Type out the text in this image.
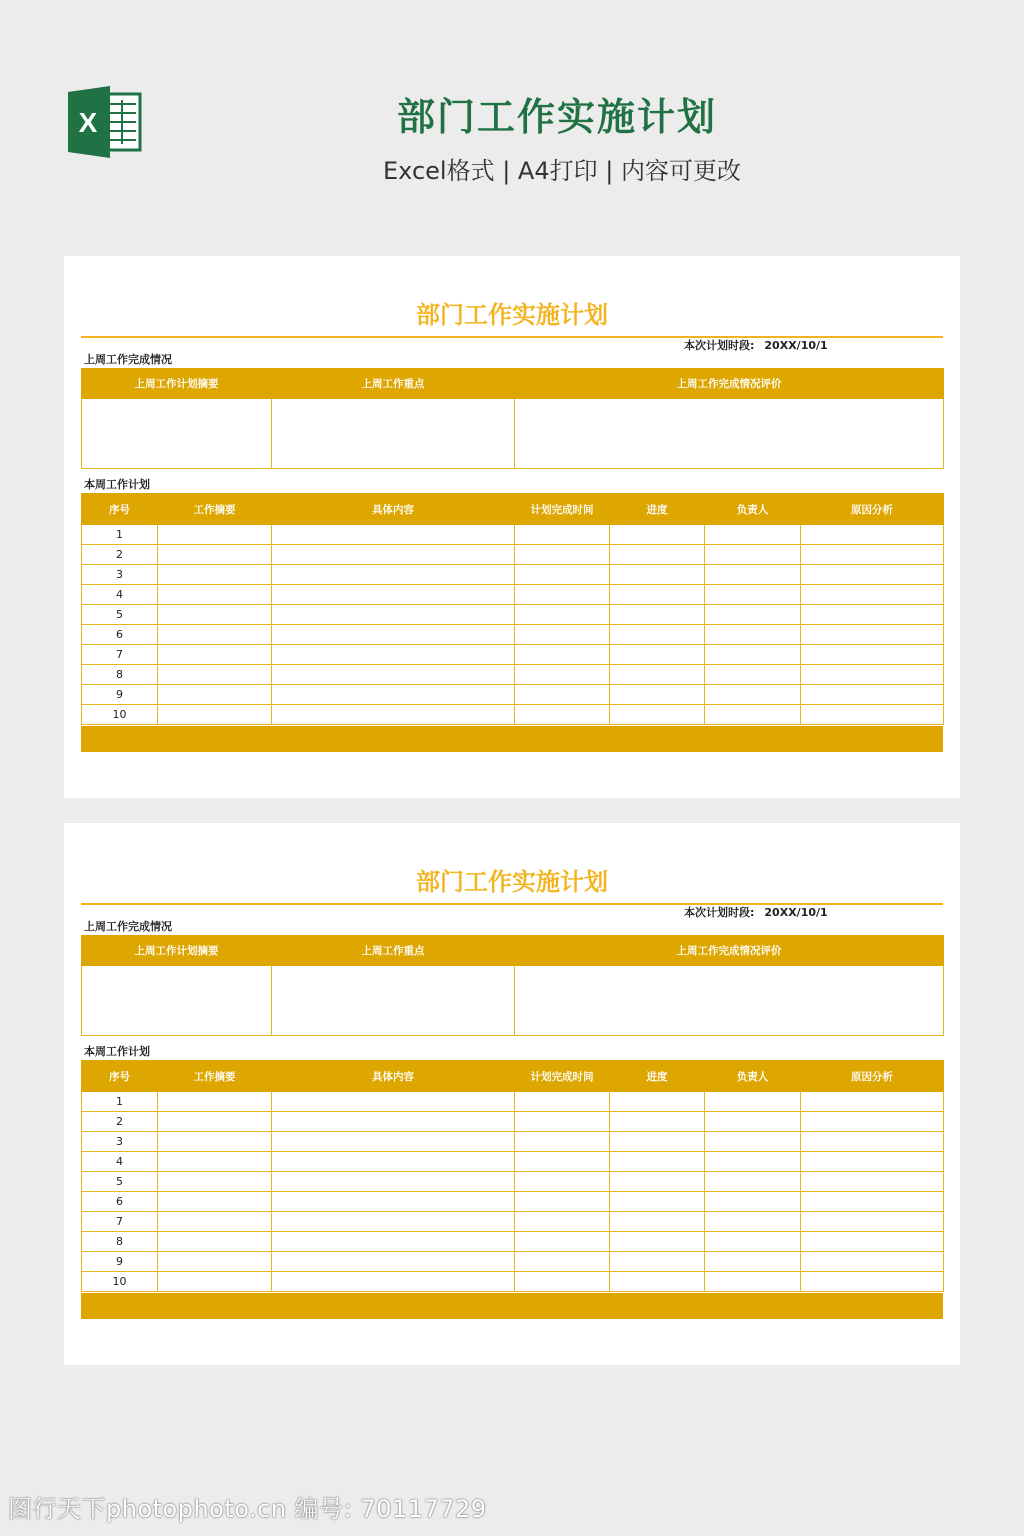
X	部门工作实施计划
Excel格式 | A4打印 | 内容可更改
部门工作实施计划
本次计划时段: 20XX/10/1
上周工作完成情况
上周工作计划摘要	上周工作重点	上周工作完成情况评价

本周工作计划
序号	工作摘要	具体内容	计划完成时间	进度	负责人	原因分析
1						
2						
3						
4						
5						
6						
7						
8						
9						
10						
部门工作实施计划
本次计划时段: 20XX/10/1
上周工作完成情况
上周工作计划摘要	上周工作重点	上周工作完成情况评价

本周工作计划
序号	工作摘要	具体内容	计划完成时间	进度	负责人	原因分析
1						
2						
3						
4						
5						
6						
7						
8						
9						
10						
图行天下photophoto.cn 编号: 70117729
